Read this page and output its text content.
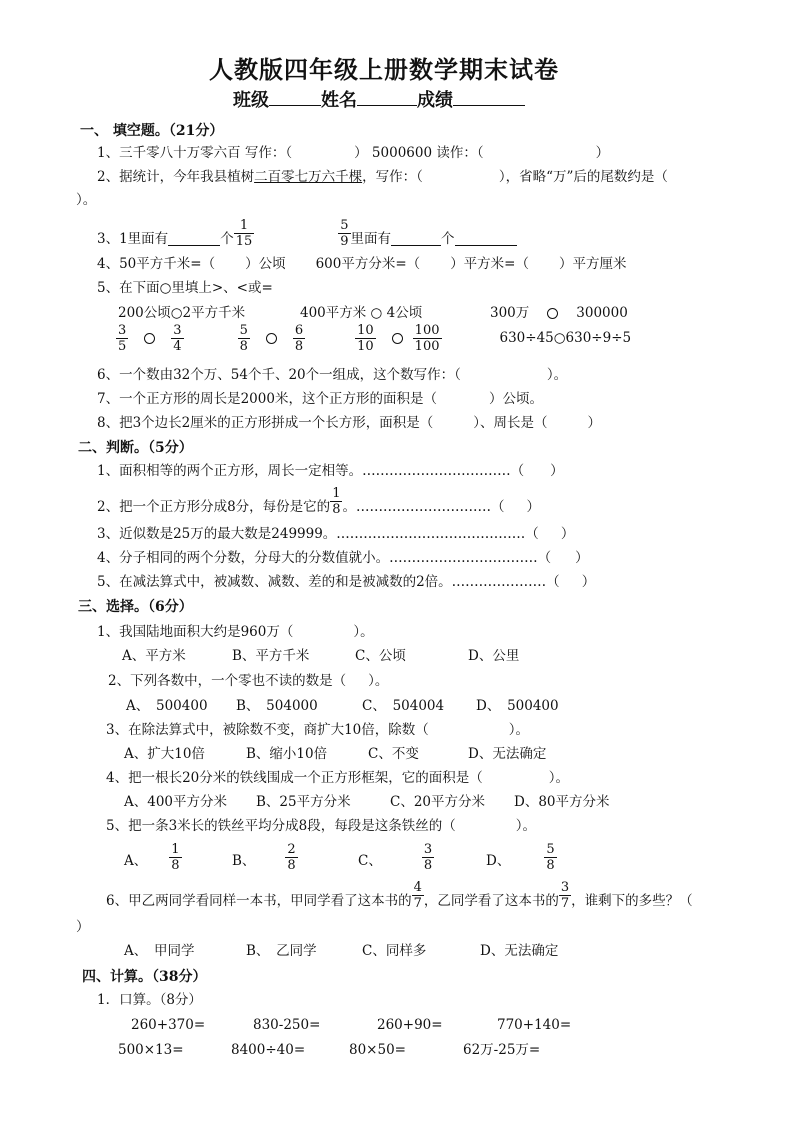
人教版四年级上册数学期末试卷
班级	姓名	成绩
一、 填空题。（21分）
1、三千零八十万零六百 写作：（	） 5000600 读作：（	）
2、据统计，今年我县植树二百零七万六千棵，写作：（	），省略“万”后的尾数约是（
）。
3、1里面有	个 $\frac{1}{15}$	$\frac{5}{9}$ 里面有	个
4、50平方千米=（ ）公顷 600平方分米=（ ）平方米=（ ）平方厘米
5、在下面○里填上>、<或=
200公顷○2平方千米	400平方米 ○ 4公顷	300万	300000
$\frac{3}{5}$	$\frac{3}{4}$	$\frac{5}{8}$	$\frac{6}{8}$	$\frac{10}{10}$	$\frac{100}{100}$	630÷45○630÷9÷5
6、一个数由32个万、54个千、20个一组成，这个数写作：（	）。
7、一个正方形的周长是2000米，这个正方形的面积是（	）公顷。
8、把3个边长2厘米的正方形拼成一个长方形，面积是（	）、周长是（	）
二、判断。（5分）
1、面积相等的两个正方形，周长一定相等。……………………………（ ）
2、把一个正方形分成8分，每份是它的 $\frac{1}{8}$ 。…………………………（ ）
3、近似数是25万的最大数是249999。……………………………………（ ）
4、分子相同的两个分数，分母大的分数值就小。……………………………（ ）
5、在减法算式中，被减数、减数、差的和是被减数的2倍。…………………（ ）
三、选择。（6分）
1、我国陆地面积大约是960万（	）。
A、平方米	B、平方千米	C、公顷	D、公里
2、下列各数中，一个零也不读的数是（ ）。
A、　500400 B、　504000	C、　504004 D、　500400
3、在除法算式中，被除数不变，商扩大10倍，除数（	）。
A、扩大10倍	B、缩小10倍	C、不变	D、无法确定
4、把一根长20分米的铁线围成一个正方形框架，它的面积是（	）。
A、400平方分米 B、25平方分米	C、20平方分米 D、80平方分米
5、把一条3米长的铁丝平均分成8段，每段是这条铁丝的（	）。
A、 $\frac{1}{8}$	B、 $\frac{2}{8}$	C、	$\frac{3}{8}$	D、	$\frac{5}{8}$
6、甲乙两同学看同样一本书，甲同学看了这本书的 $\frac{4}{7}$ ，乙同学看了这本书的 $\frac{3}{7}$ ，谁剩下的多些？（
）
A、　甲同学	B、　乙同学	C、同样多	D、无法确定
四、计算。（38分）
1．口算。（8分）
260+370=	830-250=	260+90=	770+140=
500×13=	8400÷40=	80×50=	62万-25万=
